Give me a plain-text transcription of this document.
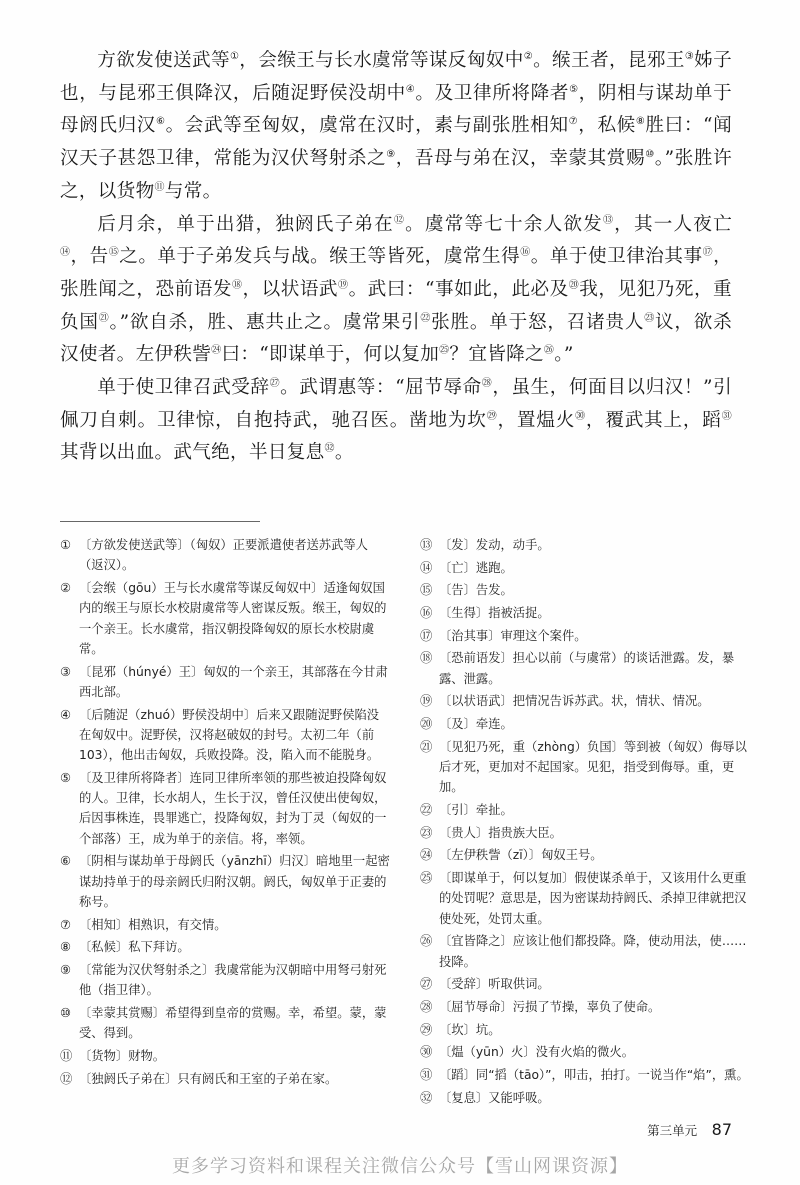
方欲发使送武等①，会缑王与长水虞常等谋反匈奴中②。缑王者，昆邪王③姊子也，与昆邪王俱降汉，后随浞野侯没胡中④。及卫律所将降者⑤，阴相与谋劫单于母阏氏归汉⑥。会武等至匈奴，虞常在汉时，素与副张胜相知⑦，私候⑧胜曰：“闻汉天子甚怨卫律，常能为汉伏弩射杀之⑨，吾母与弟在汉，幸蒙其赏赐⑩。”张胜许之，以货物⑪与常。

后月余，单于出猎，独阏氏子弟在⑫。虞常等七十余人欲发⑬，其一人夜亡⑭，告⑮之。单于子弟发兵与战。缑王等皆死，虞常生得⑯。单于使卫律治其事⑰，张胜闻之，恐前语发⑱，以状语武⑲。武曰：“事如此，此必及⑳我，见犯乃死，重负国$^㉑$。”欲自杀，胜、惠共止之。虞常果引$^㉒$张胜。单于怒，召诸贵人$^㉓$议，欲杀汉使者。左伊秩訾$^㉔$曰：“即谋单于，何以复加$^㉕$？宜皆降之$^㉖$。”

单于使卫律召武受辞$^㉗$。武谓惠等：“屈节辱命$^㉘$，虽生，何面目以归汉！”引佩刀自刺。卫律惊，自抱持武，驰召医。凿地为坎$^㉙$，置煴火$^㉚$，覆武其上，蹈$^㉛$其背以出血。武气绝，半日复息$^㉜$。

① 〔方欲发使送武等〕（匈奴）正要派遣使者送苏武等人（返汉）。
② 〔会缑（gōu）王与长水虞常等谋反匈奴中〕适逢匈奴国内的缑王与原长水校尉虞常等人密谋反叛。缑王，匈奴的一个亲王。长水虞常，指汉朝投降匈奴的原长水校尉虞常。
③ 〔昆邪（húnyé）王〕匈奴的一个亲王，其部落在今甘肃西北部。
④ 〔后随浞（zhuó）野侯没胡中〕后来又跟随浞野侯陷没在匈奴中。浞野侯，汉将赵破奴的封号。太初二年（前103），他出击匈奴，兵败投降。没，陷入而不能脱身。
⑤ 〔及卫律所将降者〕连同卫律所率领的那些被迫投降匈奴的人。卫律，长水胡人，生长于汉，曾任汉使出使匈奴，后因事株连，畏罪逃亡，投降匈奴，封为丁灵（匈奴的一个部落）王，成为单于的亲信。将，率领。
⑥ 〔阴相与谋劫单于母阏氏（yānzhī）归汉〕暗地里一起密谋劫持单于的母亲阏氏归附汉朝。阏氏，匈奴单于正妻的称号。
⑦ 〔相知〕相熟识，有交情。
⑧ 〔私候〕私下拜访。
⑨ 〔常能为汉伏弩射杀之〕我虞常能为汉朝暗中用弩弓射死他（指卫律）。
⑩ 〔幸蒙其赏赐〕希望得到皇帝的赏赐。幸，希望。蒙，蒙受、得到。
⑪ 〔货物〕财物。
⑫ 〔独阏氏子弟在〕只有阏氏和王室的子弟在家。
⑬ 〔发〕发动，动手。
⑭ 〔亡〕逃跑。
⑮ 〔告〕告发。
⑯ 〔生得〕指被活捉。
⑰ 〔治其事〕审理这个案件。
⑱ 〔恐前语发〕担心以前（与虞常）的谈话泄露。发，暴露、泄露。
⑲ 〔以状语武〕把情况告诉苏武。状，情状、情况。
⑳ 〔及〕牵连。
㉑ 〔见犯乃死，重（zhòng）负国〕等到被（匈奴）侮辱以后才死，更加对不起国家。见犯，指受到侮辱。重，更加。
㉒ 〔引〕牵扯。
㉓ 〔贵人〕指贵族大臣。
㉔ 〔左伊秩訾（zī）〕匈奴王号。
㉕ 〔即谋单于，何以复加〕假使谋杀单于，又该用什么更重的处罚呢？意思是，因为密谋劫持阏氏、杀掉卫律就把汉使处死，处罚太重。
㉖ 〔宜皆降之〕应该让他们都投降。降，使动用法，使……投降。
㉗ 〔受辞〕听取供词。
㉘ 〔屈节辱命〕污损了节操，辜负了使命。
㉙ 〔坎〕坑。
㉚ 〔煴（yūn）火〕没有火焰的微火。
㉛ 〔蹈〕同“搯（tāo）”，叩击，拍打。一说当作“焰”，熏。
㉜ 〔复息〕又能呼吸。
第三单元 87
更多学习资料和课程关注微信公众号【雪山网课资源】
